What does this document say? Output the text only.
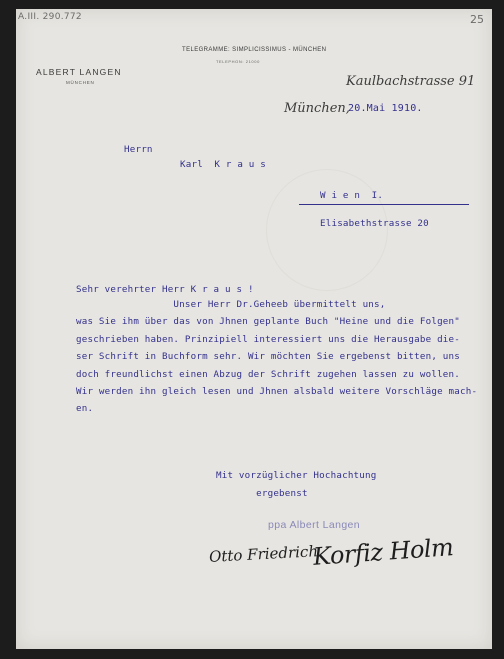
A.III. 290.772	25
ALBERT LANGEN
MÜNCHEN
TELEGRAMME: SIMPLICISSIMUS - MÜNCHEN
TELEPHON: 21000
Kaulbachstrasse 91
München,
20.Mai 1910.
Herrn
Karl  K r a u s
W i e n  I.
Elisabethstrasse 20
Sehr verehrter Herr K r a u s !
Unser Herr Dr.Geheeb übermittelt uns,
was Sie ihm über das von Jhnen geplante Buch "Heine und die Folgen"
geschrieben haben. Prinzipiell interessiert uns die Herausgabe die-
ser Schrift in Buchform sehr. Wir möchten Sie ergebenst bitten, uns
doch freundlichst einen Abzug der Schrift zugehen lassen zu wollen.
Wir werden ihn gleich lesen und Jhnen alsbald weitere Vorschläge mach-
en.
Mit vorzüglicher Hochachtung
ergebenst
ppa Albert Langen
Otto Friedrich
Korfiz Holm
